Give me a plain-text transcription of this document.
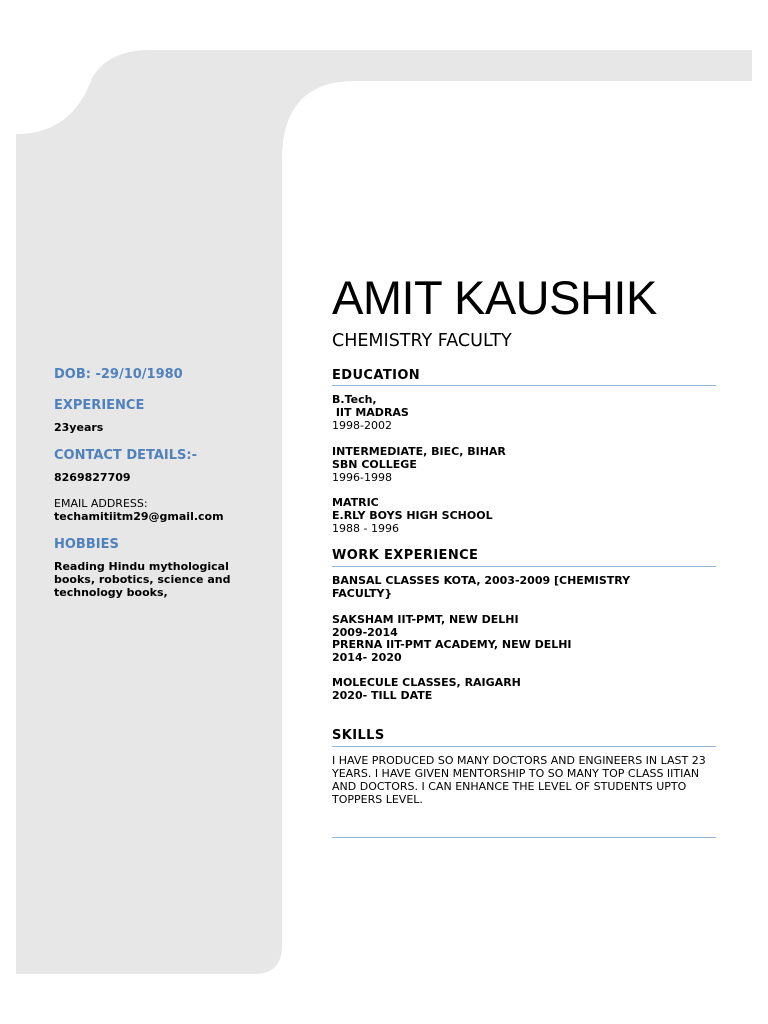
DOB: -29/10/1980
EXPERIENCE
23years
CONTACT DETAILS:-
8269827709
EMAIL ADDRESS:
techamitiitm29@gmail.com
HOBBIES
Reading Hindu mythological
books, robotics, science and
technology books,
AMIT KAUSHIK
CHEMISTRY FACULTY
EDUCATION
B.Tech,
IIT MADRAS
1998-2002
INTERMEDIATE, BIEC, BIHAR
SBN COLLEGE
1996-1998
MATRIC
E.RLY BOYS HIGH SCHOOL
1988 - 1996
WORK EXPERIENCE
BANSAL CLASSES KOTA, 2003-2009 [CHEMISTRY
FACULTY}
SAKSHAM IIT-PMT, NEW DELHI
2009-2014
PRERNA IIT-PMT ACADEMY, NEW DELHI
2014- 2020
MOLECULE CLASSES, RAIGARH
2020- TILL DATE
SKILLS
I HAVE PRODUCED SO MANY DOCTORS AND ENGINEERS IN LAST 23 YEARS. I HAVE GIVEN MENTORSHIP TO SO MANY TOP CLASS IITIAN AND DOCTORS. I CAN ENHANCE THE LEVEL OF STUDENTS UPTO TOPPERS LEVEL.
